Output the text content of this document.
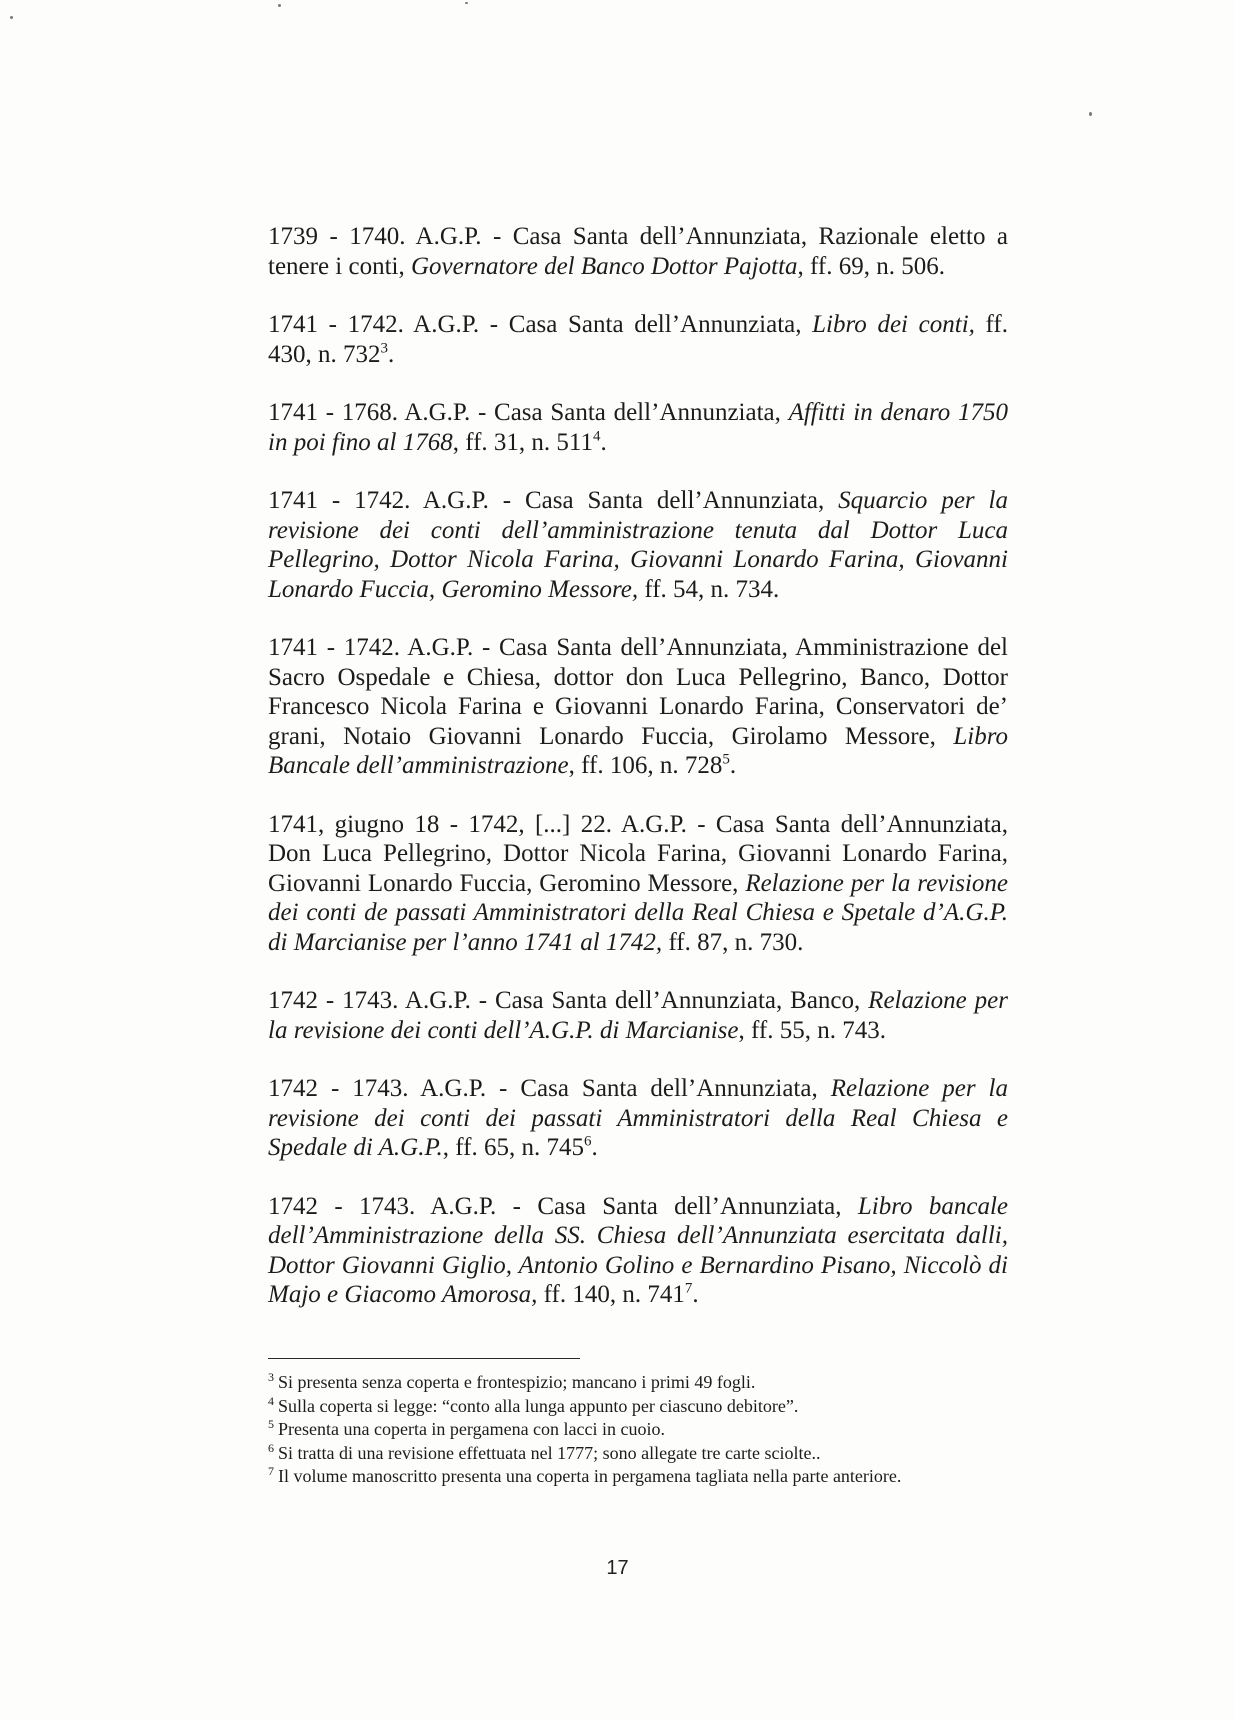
1739 - 1740. A.G.P. - Casa Santa dell’Annunziata, Razionale eletto a tenere i conti, Governatore del Banco Dottor Pajotta, ff. 69, n. 506.

1741 - 1742. A.G.P. - Casa Santa dell’Annunziata, Libro dei conti, ff. 430, n. $732^3$.

1741 - 1768. A.G.P. - Casa Santa dell’Annunziata, Affitti in denaro 1750 in poi fino al 1768, ff. 31, n. $511^4$.

1741 - 1742. A.G.P. - Casa Santa dell’Annunziata, Squarcio per la revisione dei conti dell’amministrazione tenuta dal Dottor Luca Pellegrino, Dottor Nicola Farina, Giovanni Lonardo Farina, Giovanni Lonardo Fuccia, Geromino Messore, ff. 54, n. 734.

1741 - 1742. A.G.P. - Casa Santa dell’Annunziata, Amministrazione del Sacro Ospedale e Chiesa, dottor don Luca Pellegrino, Banco, Dottor Francesco Nicola Farina e Giovanni Lonardo Farina, Conservatori de’ grani, Notaio Giovanni Lonardo Fuccia, Girolamo Messore, Libro Bancale dell’amministrazione, ff. 106, n. $728^5$.

1741, giugno 18 - 1742, [...] 22. A.G.P. - Casa Santa dell’Annunziata, Don Luca Pellegrino, Dottor Nicola Farina, Giovanni Lonardo Farina, Giovanni Lonardo Fuccia, Geromino Messore, Relazione per la revisione dei conti de passati Amministratori della Real Chiesa e Spetale d’A.G.P. di Marcianise per l’anno 1741 al 1742, ff. 87, n. 730.

1742 - 1743. A.G.P. - Casa Santa dell’Annunziata, Banco, Relazione per la revisione dei conti dell’A.G.P. di Marcianise, ff. 55, n. 743.

1742 - 1743. A.G.P. - Casa Santa dell’Annunziata, Relazione per la revisione dei conti dei passati Amministratori della Real Chiesa e Spedale di A.G.P., ff. 65, n. $745^6$.

1742 - 1743. A.G.P. - Casa Santa dell’Annunziata, Libro bancale dell’Amministrazione della SS. Chiesa dell’Annunziata esercitata dalli, Dottor Giovanni Giglio, Antonio Golino e Bernardino Pisano, Niccolò di Majo e Giacomo Amorosa, ff. 140, n. $741^7$.

$^3$ Si presenta senza coperta e frontespizio; mancano i primi 49 fogli.
$^4$ Sulla coperta si legge: “conto alla lunga appunto per ciascuno debitore”.
$^5$ Presenta una coperta in pergamena con lacci in cuoio.
$^6$ Si tratta di una revisione effettuata nel 1777; sono allegate tre carte sciolte..
$^7$ Il volume manoscritto presenta una coperta in pergamena tagliata nella parte anteriore.
17
